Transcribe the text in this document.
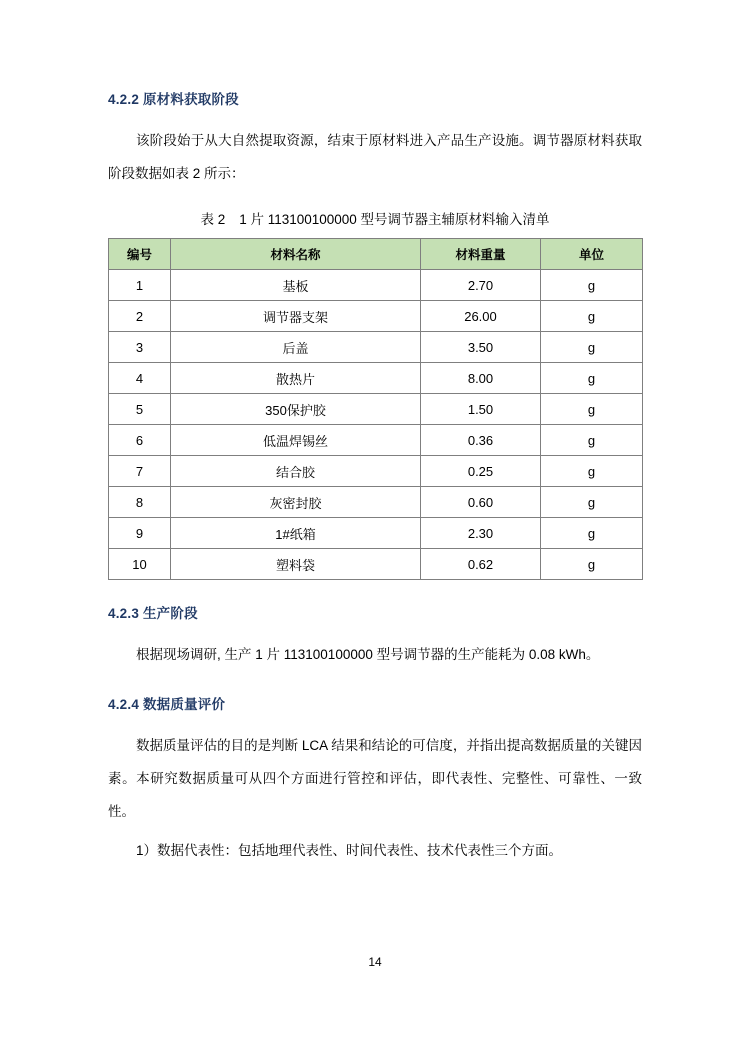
4.2.2 原材料获取阶段

该阶段始于从大自然提取资源，结束于原材料进入产品生产设施。调节器原材料获取阶段数据如表 2 所示：

表 2 1 片 113100100000 型号调节器主辅原材料输入清单
编号	材料名称	材料重量	单位
1	基板	2.70	g
2	调节器支架	26.00	g
3	后盖	3.50	g
4	散热片	8.00	g
5	350保护胶	1.50	g
6	低温焊锡丝	0.36	g
7	结合胶	0.25	g
8	灰密封胶	0.60	g
9	1#纸箱	2.30	g
10	塑料袋	0.62	g
4.2.3 生产阶段

根据现场调研, 生产 1 片 113100100000 型号调节器的生产能耗为 0.08 kWh。

4.2.4 数据质量评价

数据质量评估的目的是判断 LCA 结果和结论的可信度，并指出提高数据质量的关键因素。本研究数据质量可从四个方面进行管控和评估，即代表性、完整性、可靠性、一致性。

1）数据代表性：包括地理代表性、时间代表性、技术代表性三个方面。

14
